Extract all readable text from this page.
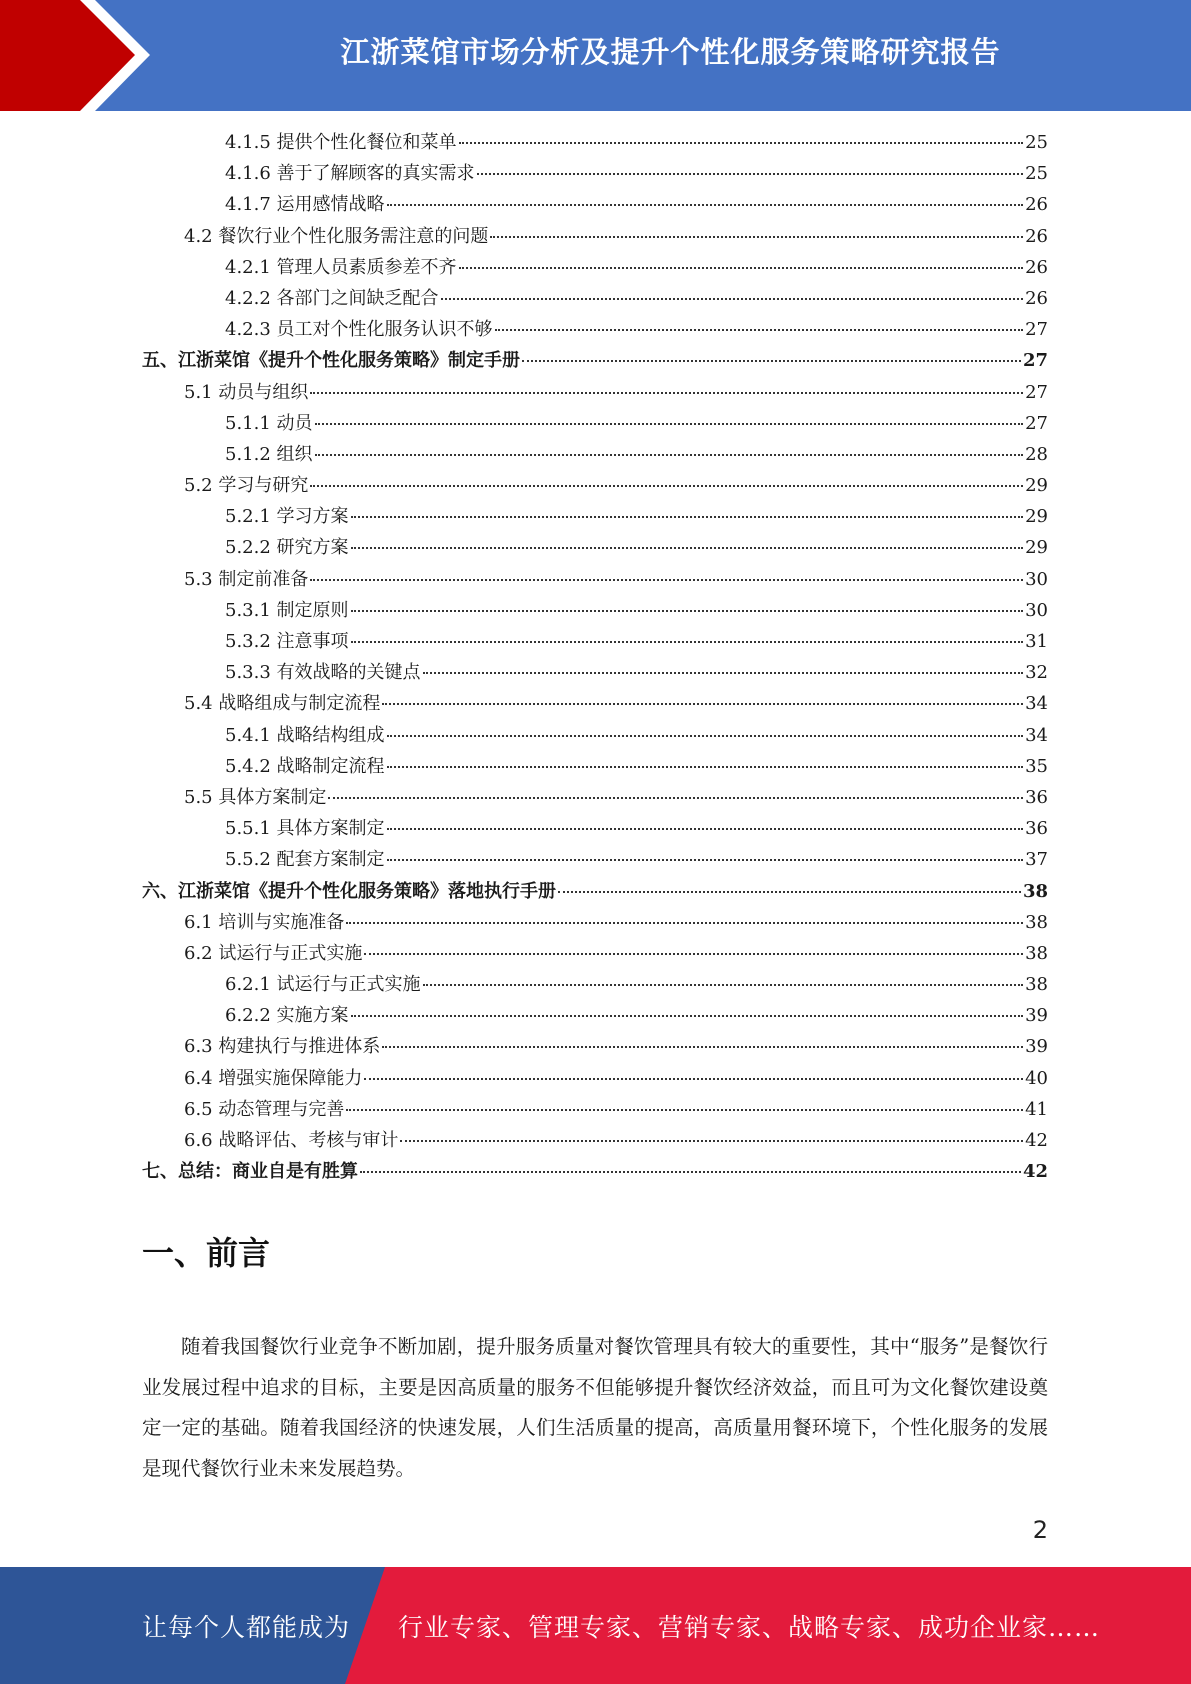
江浙菜馆市场分析及提升个性化服务策略研究报告
4.1.5 提供个性化餐位和菜单	25
4.1.6 善于了解顾客的真实需求	25
4.1.7 运用感情战略	26
4.2 餐饮行业个性化服务需注意的问题	26
4.2.1 管理人员素质参差不齐	26
4.2.2 各部门之间缺乏配合	26
4.2.3 员工对个性化服务认识不够	27
五、江浙菜馆《提升个性化服务策略》制定手册	27
5.1 动员与组织	27
5.1.1 动员	27
5.1.2 组织	28
5.2 学习与研究	29
5.2.1 学习方案	29
5.2.2 研究方案	29
5.3 制定前准备	30
5.3.1 制定原则	30
5.3.2 注意事项	31
5.3.3 有效战略的关键点	32
5.4 战略组成与制定流程	34
5.4.1 战略结构组成	34
5.4.2 战略制定流程	35
5.5 具体方案制定	36
5.5.1 具体方案制定	36
5.5.2 配套方案制定	37
六、江浙菜馆《提升个性化服务策略》落地执行手册	38
6.1 培训与实施准备	38
6.2 试运行与正式实施	38
6.2.1 试运行与正式实施	38
6.2.2 实施方案	39
6.3 构建执行与推进体系	39
6.4 增强实施保障能力	40
6.5 动态管理与完善	41
6.6 战略评估、考核与审计	42
七、总结：商业自是有胜算	42
一、前言

随着我国餐饮行业竞争不断加剧，提升服务质量对餐饮管理具有较大的重要性，其中“服务”是餐饮行业发展过程中追求的目标，主要是因高质量的服务不但能够提升餐饮经济效益，而且可为文化餐饮建设奠定一定的基础。随着我国经济的快速发展，人们生活质量的提高，高质量用餐环境下，个性化服务的发展是现代餐饮行业未来发展趋势。

2
让每个人都能成为 行业专家、管理专家、营销专家、战略专家、成功企业家……
